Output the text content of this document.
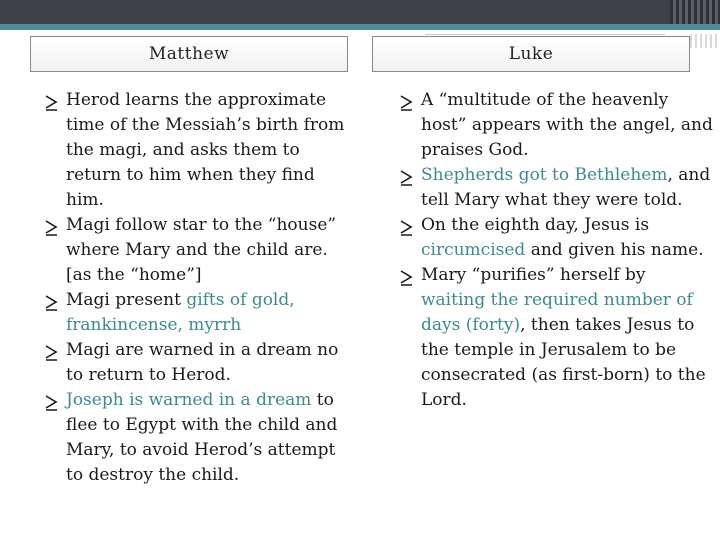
Matthew	Luke
Herod learns the approximate time of the Messiah’s birth from the magi, and asks them to return to him when they find him.
Magi follow star to the “house” where Mary and the child are. [as the “home”]
Magi present gifts of gold, frankincense, myrrh
Magi are warned in a dream no to return to Herod.
Joseph is warned in a dream to flee to Egypt with the child and Mary, to avoid Herod’s attempt to destroy the child.
A “multitude of the heavenly host” appears with the angel, and praises God.
Shepherds got to Bethlehem, and tell Mary what they were told.
On the eighth day, Jesus is circumcised and given his name.
Mary “purifies” herself by waiting the required number of days (forty), then takes Jesus to the temple in Jerusalem to be consecrated (as first-born) to the Lord.
